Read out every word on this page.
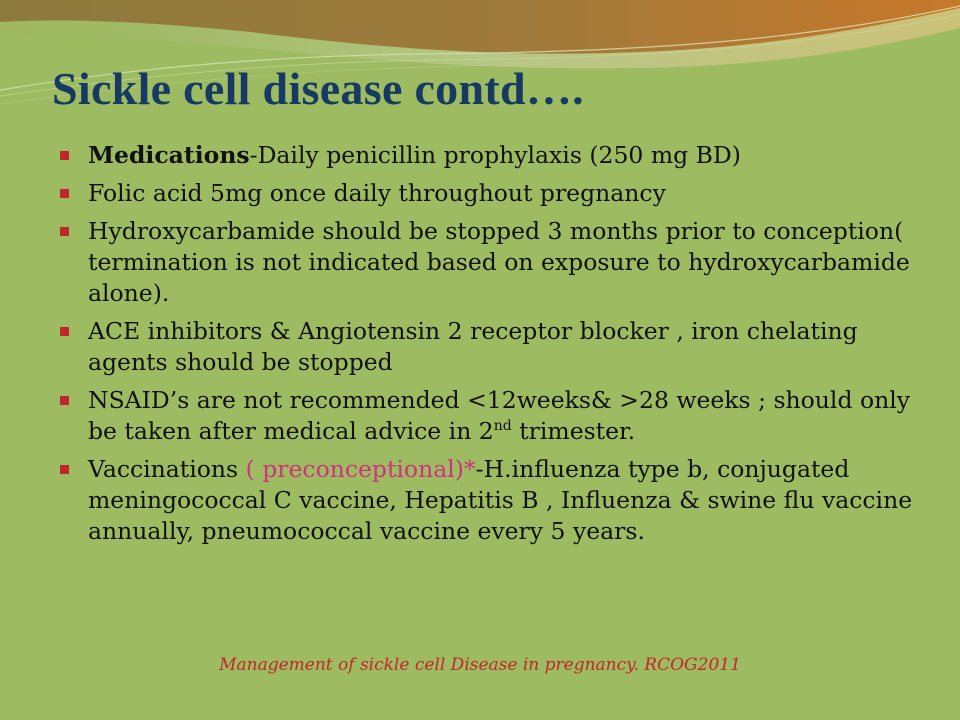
Sickle cell disease contd….
Medications-Daily penicillin prophylaxis (250 mg BD)
Folic acid 5mg once daily throughout pregnancy
Hydroxycarbamide should be stopped 3 months prior to conception( termination is not indicated based on exposure to hydroxycarbamide alone).
ACE inhibitors & Angiotensin 2 receptor blocker , iron chelating agents should be stopped
NSAID’s are not recommended <12weeks& >28 weeks ; should only be taken after medical advice in 2nd trimester.
Vaccinations ( preconceptional)*-H.influenza type b, conjugated meningococcal C vaccine, Hepatitis B , Influenza & swine flu vaccine annually, pneumococcal vaccine every 5 years.
Management of sickle cell Disease in pregnancy. RCOG2011
